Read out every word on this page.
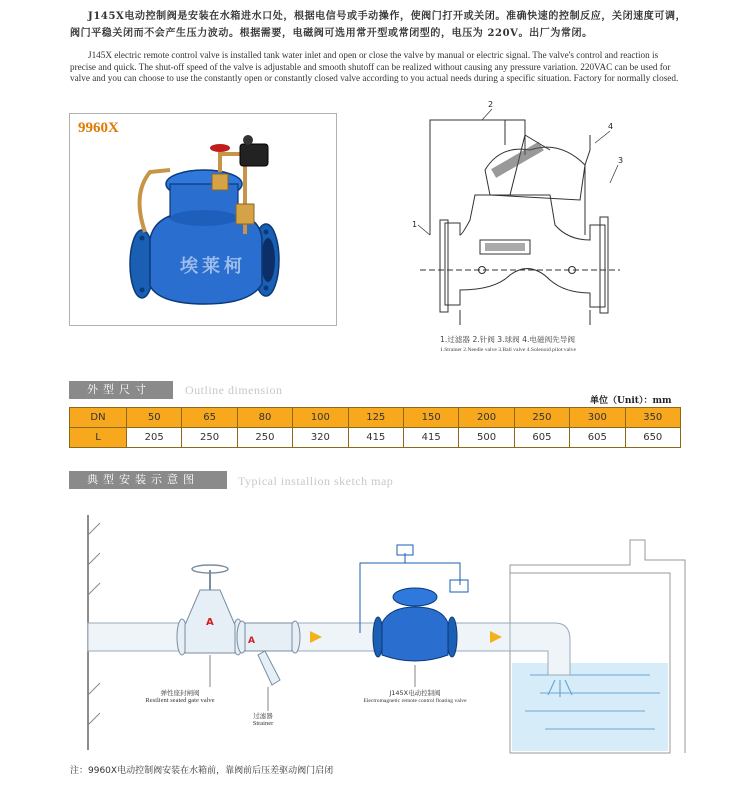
J145X电动控制阀是安装在水箱进水口处，根据电信号或手动操作，使阀门打开或关闭。准确快速的控制反应，关闭速度可调，阀门平稳关闭而不会产生压力波动。根据需要，电磁阀可选用常开型或常闭型的，电压为 220V。出厂为常闭。
J145X electric remote control valve is installed tank water inlet and open or close the valve by manual or electric signal. The valve's control and reaction is precise and quick. The shut-off speed of the valve is adjustable and smooth shutoff can be realized without causing any pressure variation. 220VAC can be used for valve and you can choose to use the constantly open or constantly closed valve according to you actual needs during a specific situation. Factory for normally closed.
9960X
埃莱柯
1
2
3
4
1.过滤器 2.针阀 3.球阀 4.电磁阀先导阀
1.Strainer 2.Needle valve 3.Ball valve 4.Solenoid pilot valve
外型尺寸	Outline dimension
单位（Unit）：mm
DN	50	65	80	100	125	150	200	250	300	350
L	205	250	250	320	415	415	500	605	605	650
典型安装示意图	Typical installion sketch map
A
A
弹性座封闸阀
Resilient seated gate valve
过滤器
Strainer
J145X电动控制阀
Electromagnetic remote control floating valve
注：9960X电动控制阀安装在水箱前，靠阀前后压差驱动阀门启闭
